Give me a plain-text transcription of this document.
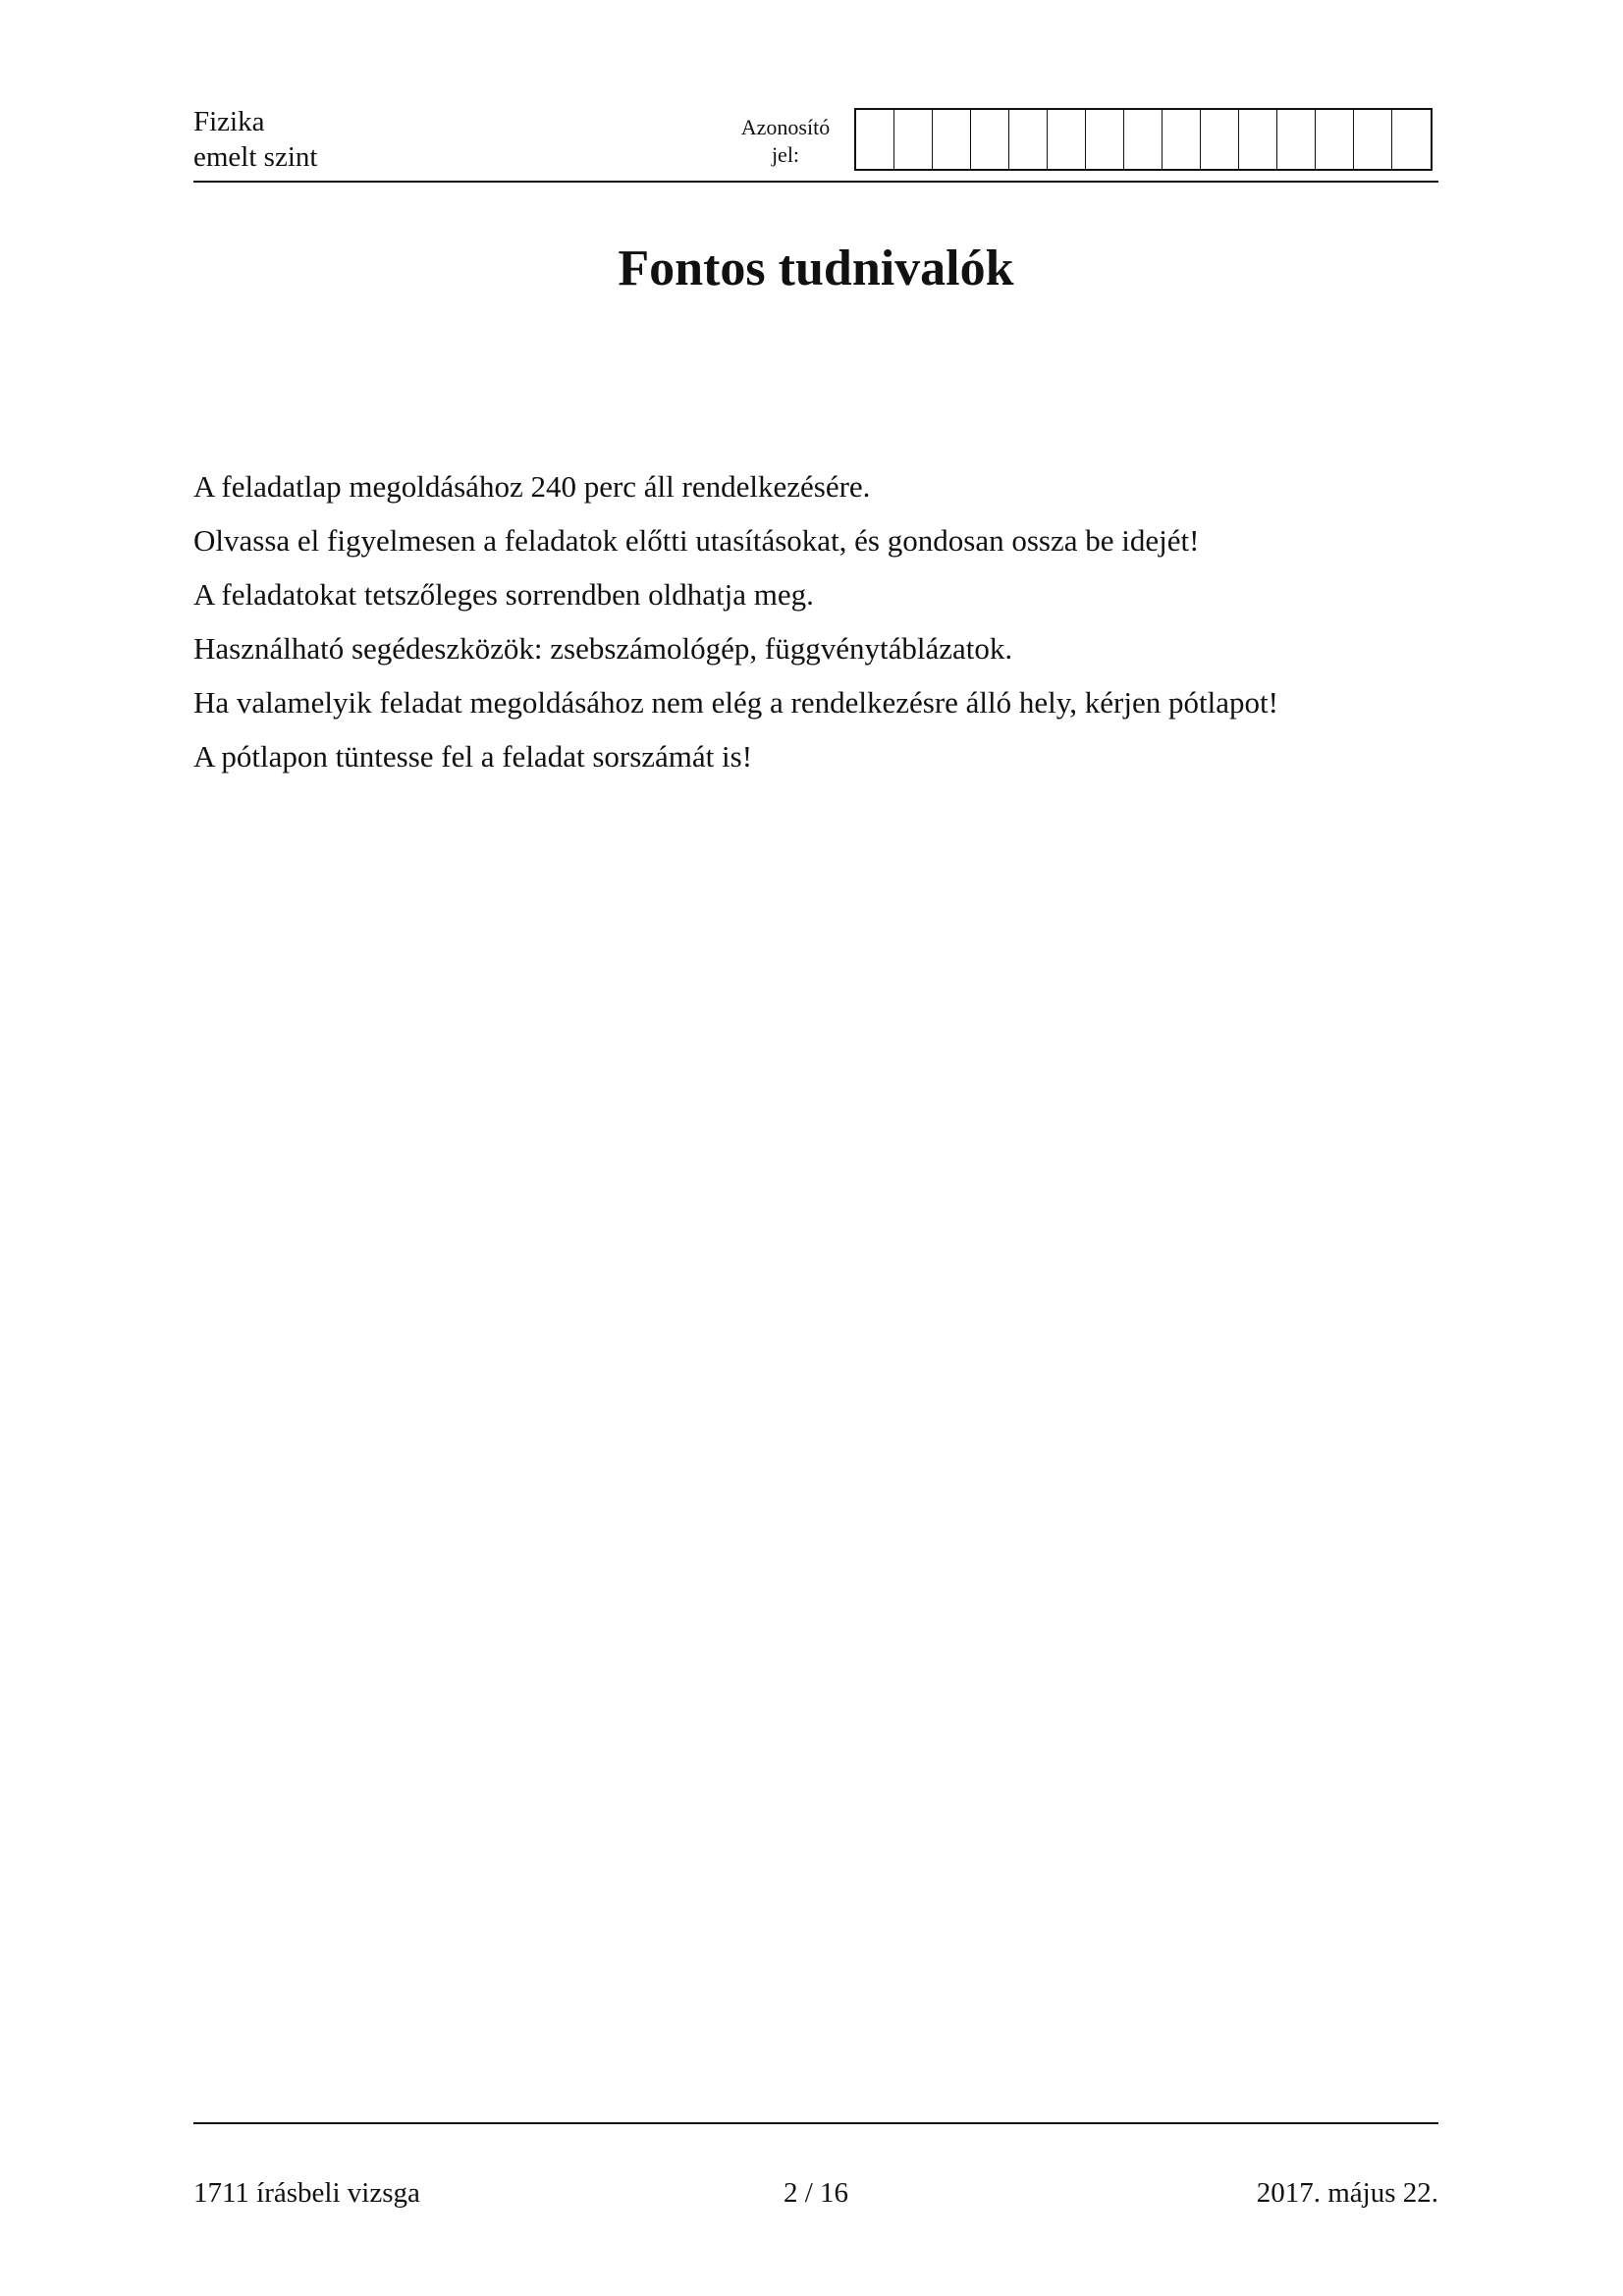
Fizika
emelt szint
Azonosító
jel:
Fontos tudnivalók
A feladatlap megoldásához 240 perc áll rendelkezésére.
Olvassa el figyelmesen a feladatok előtti utasításokat, és gondosan ossza be idejét!
A feladatokat tetszőleges sorrendben oldhatja meg.
Használható segédeszközök: zsebszámológép, függvénytáblázatok.
Ha valamelyik feladat megoldásához nem elég a rendelkezésre álló hely, kérjen pótlapot!
A pótlapon tüntesse fel a feladat sorszámát is!
1711 írásbeli vizsga	2 / 16	2017. május 22.
